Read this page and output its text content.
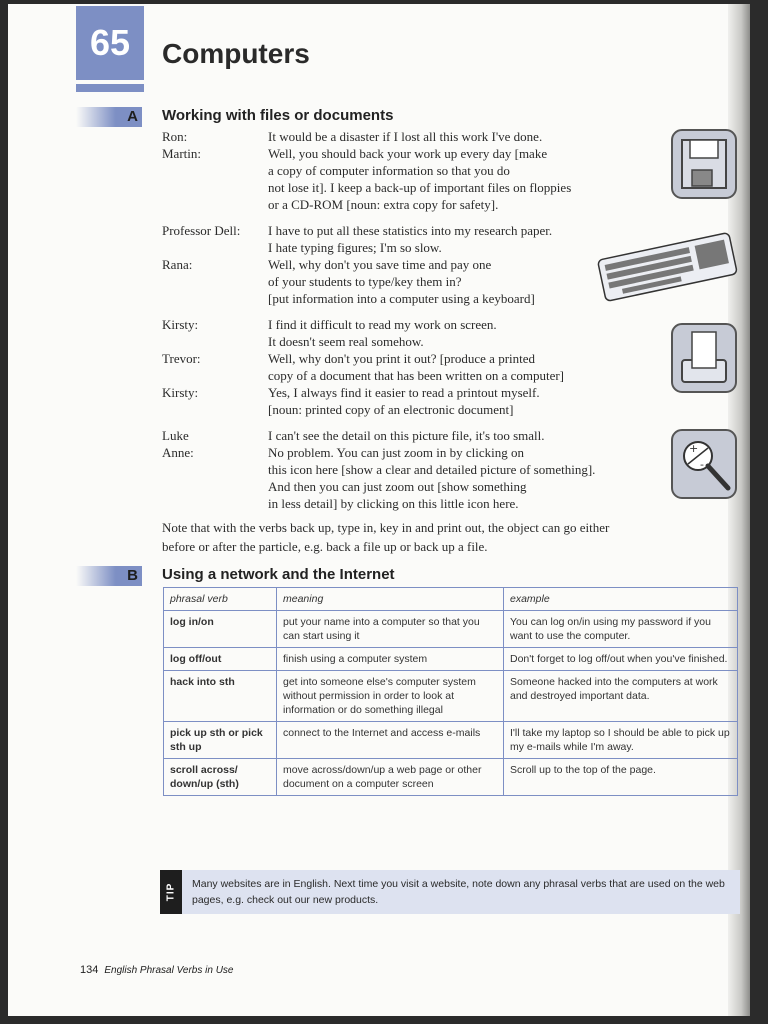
65	Computers
A Working with files or documents
Ron:	It would be a disaster if I lost all this work I've done.
Martin:	Well, you should back your work up every day [make
a copy of computer information so that you do
not lose it]. I keep a back-up of important files on floppies
or a CD-ROM [noun: extra copy for safety].
Professor Dell:	I have to put all these statistics into my research paper.
I hate typing figures; I'm so slow.
Rana:	Well, why don't you save time and pay one
of your students to type/key them in?
[put information into a computer using a keyboard]
Kirsty:	I find it difficult to read my work on screen.
It doesn't seem real somehow.
Trevor:	Well, why don't you print it out? [produce a printed
copy of a document that has been written on a computer]
Kirsty:	Yes, I always find it easier to read a printout myself.
[noun: printed copy of an electronic document]
Luke	I can't see the detail on this picture file, it's too small.
Anne:	No problem. You can just zoom in by clicking on
this icon here [show a clear and detailed picture of something].
And then you can just zoom out [show something
in less detail] by clicking on this little icon here.
+
-
Note that with the verbs back up, type in, key in and print out, the object can go either
before or after the particle, e.g. back a file up or back up a file.
B Using a network and the Internet
phrasal verb	meaning	example
log in/on	put your name into a computer so that you can start using it	You can log on/in using my password if you want to use the computer.
log off/out	finish using a computer system	Don't forget to log off/out when you've finished.
hack into sth	get into someone else's computer system without permission in order to look at information or do something illegal	Someone hacked into the computers at work and destroyed important data.
pick up sth or pick sth up	connect to the Internet and access e-mails	I'll take my laptop so I should be able to pick up my e-mails while I'm away.
scroll across/ down/up (sth)	move across/down/up a web page or other document on a computer screen	Scroll up to the top of the page.
TIP Many websites are in English. Next time you visit a website, note down any phrasal verbs that are used on the web pages, e.g. check out our new products.
134 English Phrasal Verbs in Use
